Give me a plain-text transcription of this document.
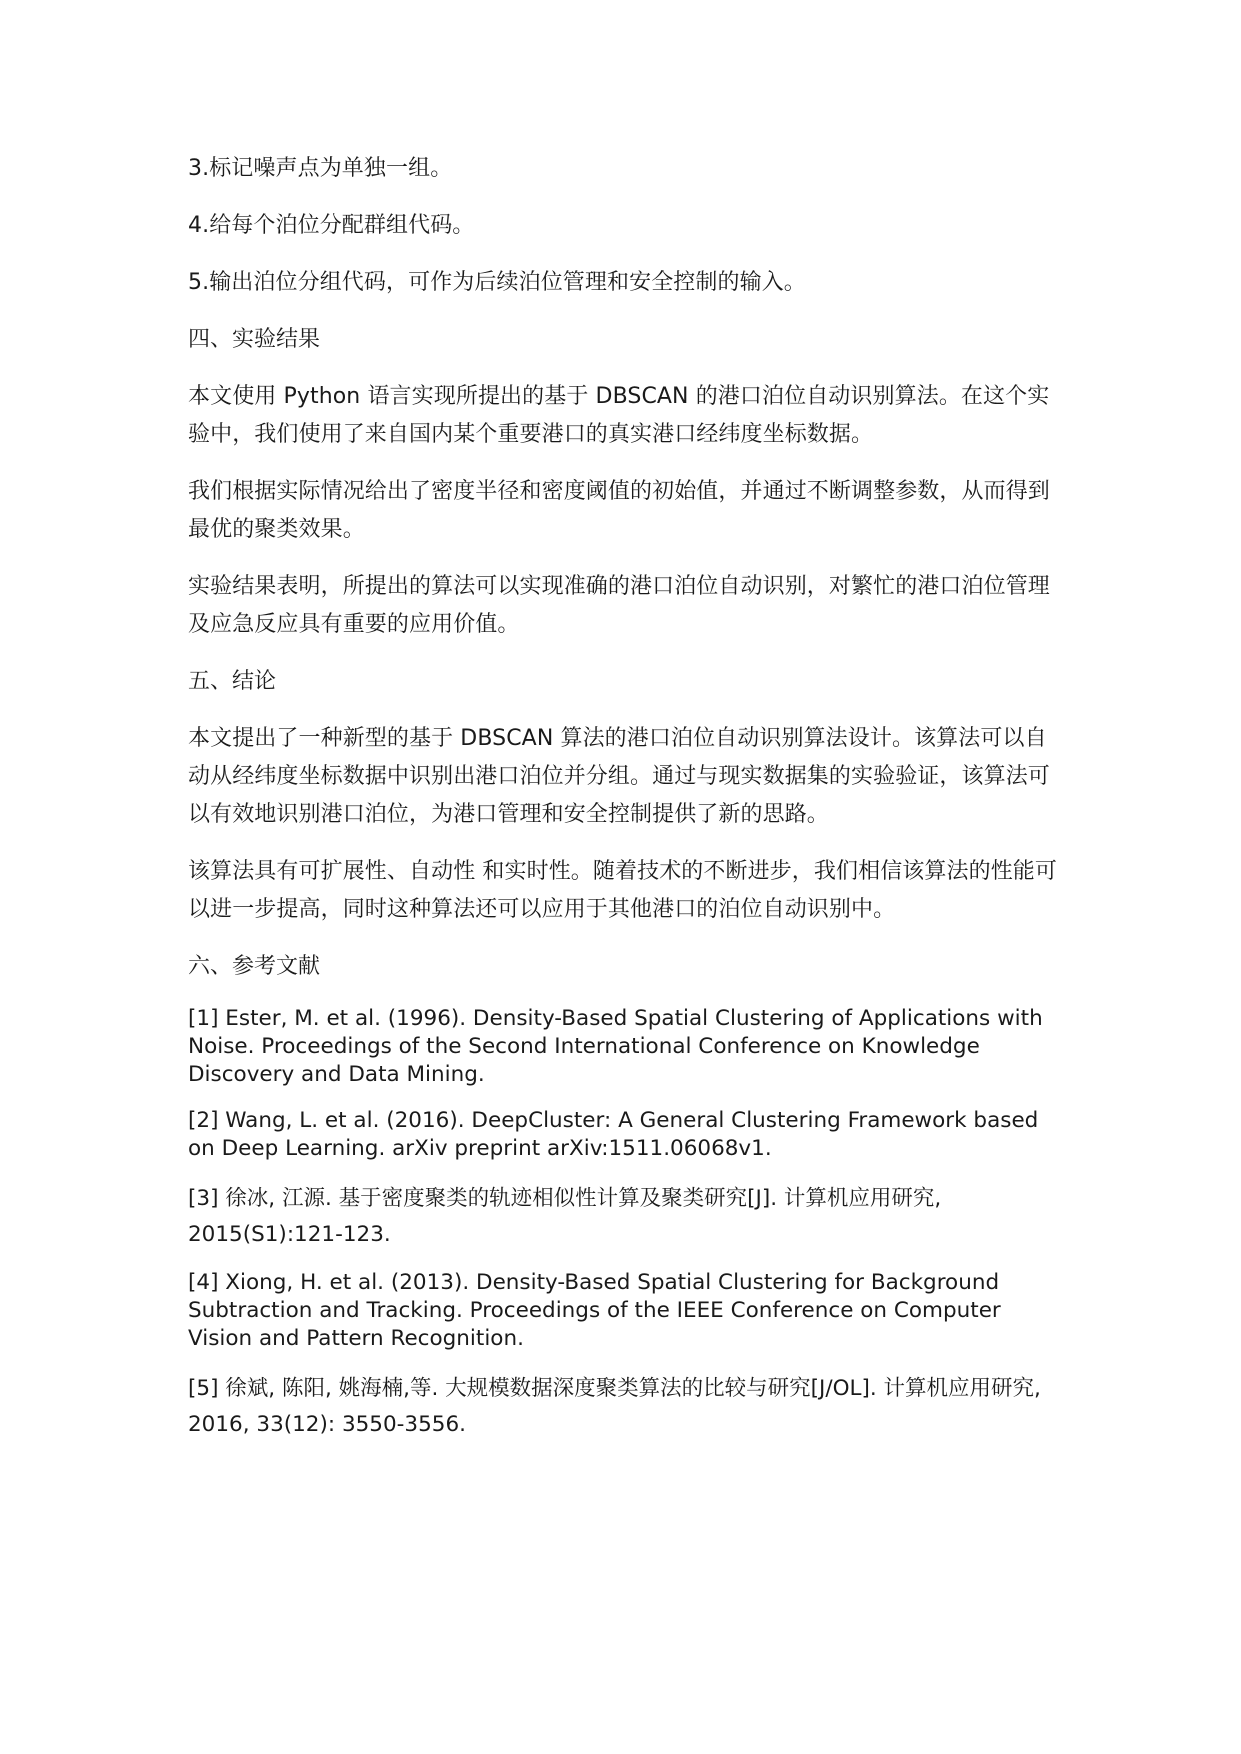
3.标记噪声点为单独一组。

4.给每个泊位分配群组代码。

5.输出泊位分组代码，可作为后续泊位管理和安全控制的输入。

四、实验结果

本文使用 Python 语言实现所提出的基于 DBSCAN 的港口泊位自动识别算法。在这个实验中，我们使用了来自国内某个重要港口的真实港口经纬度坐标数据。

我们根据实际情况给出了密度半径和密度阈值的初始值，并通过不断调整参数，从而得到最优的聚类效果。

实验结果表明，所提出的算法可以实现准确的港口泊位自动识别，对繁忙的港口泊位管理及应急反应具有重要的应用价值。

五、结论

本文提出了一种新型的基于 DBSCAN 算法的港口泊位自动识别算法设计。该算法可以自动从经纬度坐标数据中识别出港口泊位并分组。通过与现实数据集的实验验证，该算法可以有效地识别港口泊位，为港口管理和安全控制提供了新的思路。

该算法具有可扩展性、自动性 和实时性。随着技术的不断进步，我们相信该算法的性能可以进一步提高，同时这种算法还可以应用于其他港口的泊位自动识别中。

六、参考文献

[1] Ester, M. et al. (1996). Density-Based Spatial Clustering of Applications with Noise. Proceedings of the Second International Conference on Knowledge Discovery and Data Mining.

[2] Wang, L. et al. (2016). DeepCluster: A General Clustering Framework based on Deep Learning. arXiv preprint arXiv:1511.06068v1.

[3] 徐冰, 江源. 基于密度聚类的轨迹相似性计算及聚类研究[J]. 计算机应用研究, 2015(S1):121-123.

[4] Xiong, H. et al. (2013). Density-Based Spatial Clustering for Background Subtraction and Tracking. Proceedings of the IEEE Conference on Computer Vision and Pattern Recognition.

[5] 徐斌, 陈阳, 姚海楠,等. 大规模数据深度聚类算法的比较与研究[J/OL]. 计算机应用研究, 2016, 33(12): 3550-3556.
